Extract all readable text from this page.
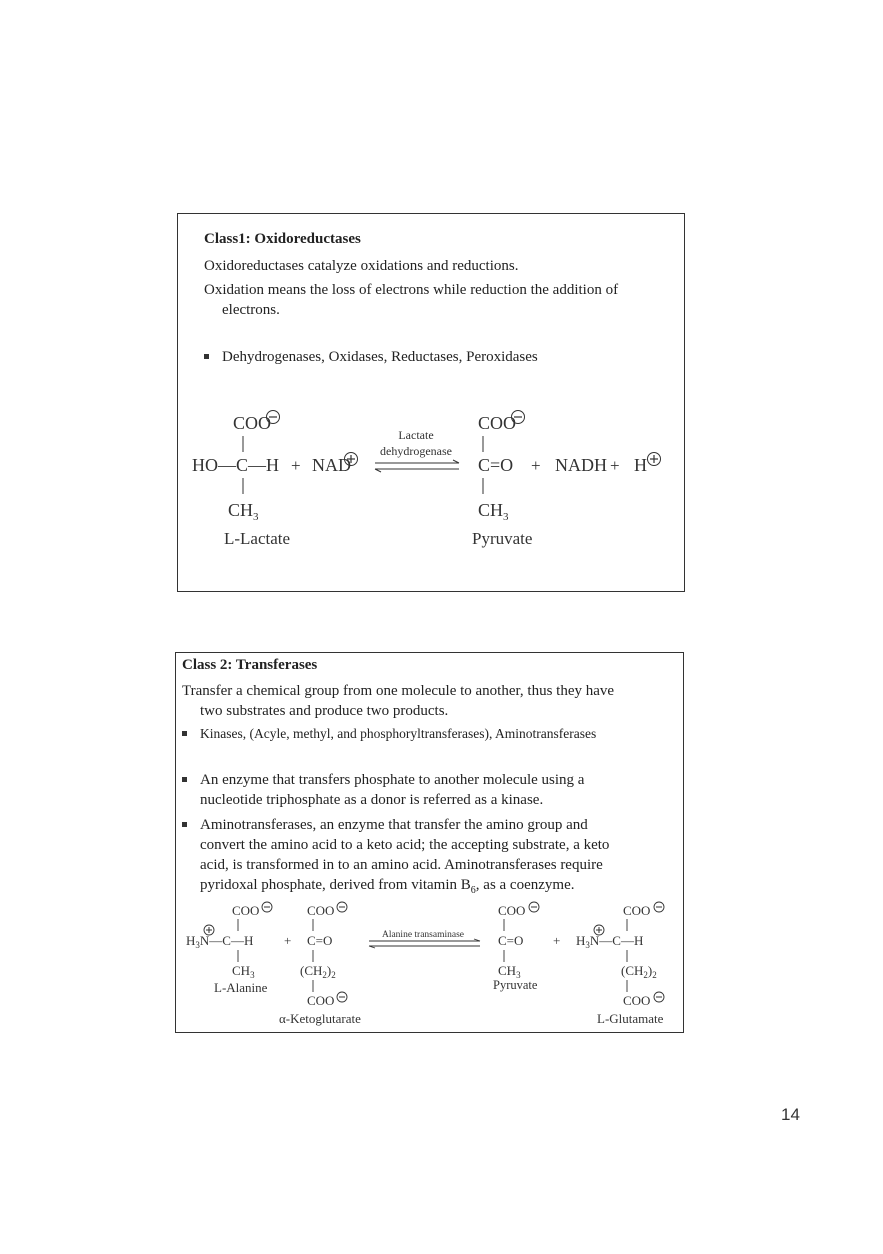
Class1: Oxidoreductases
Oxidoreductases catalyze oxidations and reductions.
Oxidation means the loss of electrons while reduction the addition of
electrons.
Dehydrogenases, Oxidases, Reductases, Peroxidases
COO
HO—C—H
$CH_3$
L-Lactate
+ NAD
Lactate
dehydrogenase
COO
C=O
$CH_3$
Pyruvate
+ NADH + H
Class 2: Transferases
Transfer a chemical group from one molecule to another, thus they have
two substrates and produce two products.
Kinases, (Acyle, methyl, and phosphoryltransferases), Aminotransferases
An enzyme that transfers phosphate to another molecule using a
nucleotide triphosphate as a donor is referred as a kinase.
Aminotransferases, an enzyme that transfer the amino group and
convert the amino acid to a keto acid; the accepting substrate, a keto
acid, is transformed in to an amino acid. Aminotransferases require
pyridoxal phosphate, derived from vitamin $B_6$, as a coenzyme.
COO
$H_3N—C—H$
$CH_3$
L-Alanine
+
COO
C=O
$(CH_2)_2$
COO
α-Ketoglutarate
Alanine transaminase
COO
C=O
$CH_3$
Pyruvate
+
COO
$H_3N—C—H$
$(CH_2)_2$
COO
L-Glutamate
14
